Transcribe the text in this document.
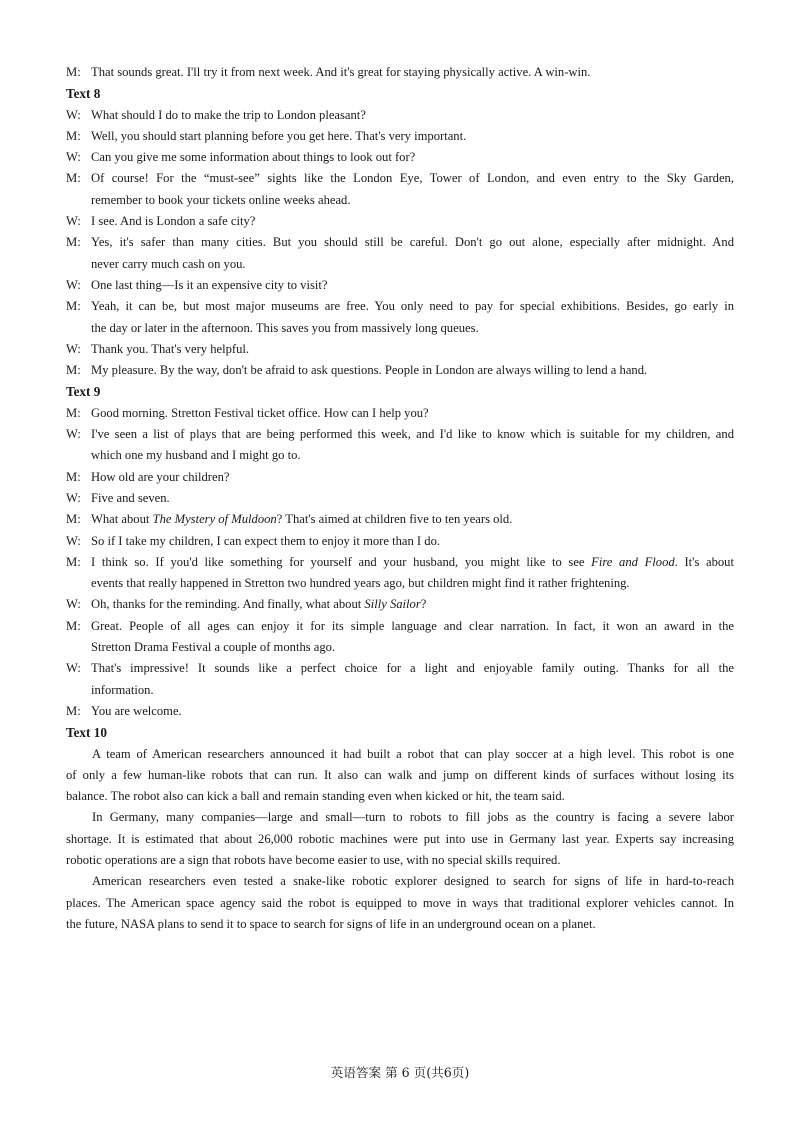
M: That sounds great. I'll try it from next week. And it's great for staying physically active. A win-win.
Text 8
W: What should I do to make the trip to London pleasant?
M: Well, you should start planning before you get here. That's very important.
W: Can you give me some information about things to look out for?
M: Of course! For the “must-see” sights like the London Eye, Tower of London, and even entry to the Sky Garden,
remember to book your tickets online weeks ahead.
W: I see. And is London a safe city?
M: Yes, it's safer than many cities. But you should still be careful. Don't go out alone, especially after midnight. And
never carry much cash on you.
W: One last thing—Is it an expensive city to visit?
M: Yeah, it can be, but most major museums are free. You only need to pay for special exhibitions. Besides, go early in
the day or later in the afternoon. This saves you from massively long queues.
W: Thank you. That's very helpful.
M: My pleasure. By the way, don't be afraid to ask questions. People in London are always willing to lend a hand.
Text 9
M: Good morning. Stretton Festival ticket office. How can I help you?
W: I've seen a list of plays that are being performed this week, and I'd like to know which is suitable for my children, and
which one my husband and I might go to.
M: How old are your children?
W: Five and seven.
M: What about The Mystery of Muldoon? That's aimed at children five to ten years old.
W: So if I take my children, I can expect them to enjoy it more than I do.
M: I think so. If you'd like something for yourself and your husband, you might like to see Fire and Flood. It's about
events that really happened in Stretton two hundred years ago, but children might find it rather frightening.
W: Oh, thanks for the reminding. And finally, what about Silly Sailor?
M: Great. People of all ages can enjoy it for its simple language and clear narration. In fact, it won an award in the
Stretton Drama Festival a couple of months ago.
W: That's impressive! It sounds like a perfect choice for a light and enjoyable family outing. Thanks for all the
information.
M: You are welcome.
Text 10
A team of American researchers announced it had built a robot that can play soccer at a high level. This robot is one
of only a few human-like robots that can run. It also can walk and jump on different kinds of surfaces without losing its
balance. The robot also can kick a ball and remain standing even when kicked or hit, the team said.
In Germany, many companies—large and small—turn to robots to fill jobs as the country is facing a severe labor
shortage. It is estimated that about 26,000 robotic machines were put into use in Germany last year. Experts say increasing
robotic operations are a sign that robots have become easier to use, with no special skills required.
American researchers even tested a snake-like robotic explorer designed to search for signs of life in hard-to-reach
places. The American space agency said the robot is equipped to move in ways that traditional explorer vehicles cannot. In
the future, NASA plans to send it to space to search for signs of life in an underground ocean on a planet.
英语答案 第 6 页(共6页)
